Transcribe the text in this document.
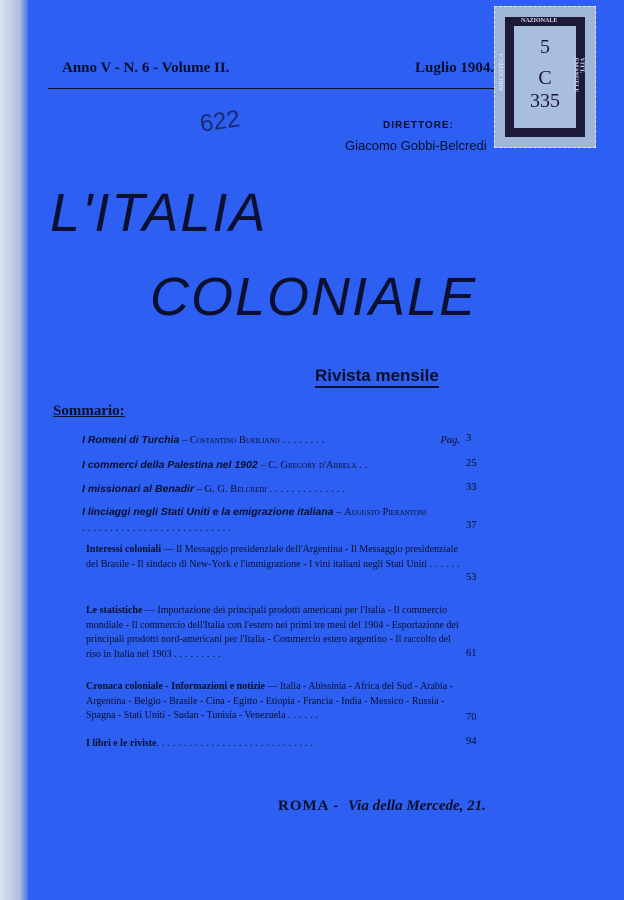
Anno V - N. 6 - Volume II.	Luglio 1904.
5
C
335
NAZIONALE
BIBLIOTECA	VITT. EMANUELE
622	DIRETTORE:
Giacomo Gobbi-Belcredi
L'ITALIA
COLONIALE
Rivista mensile
Sommario:
I Romeni di Turchia – Costantino Buriliano ........	Pag. 3
I commerci della Palestina nel 1902 – C. Gregory d'Arbela ..	25
I missionari al Benadir – G. G. Belcredi ..............	33
I linciaggi negli Stati Uniti e la emigrazione italiana – Augusto Pierantoni ...........................	37
Interessi coloniali — Il Messaggio presidenziale dell'Argentina - Il Messaggio presidenziale del Brasile - Il sindaco di New-York e l'immigrazione - I vini italiani negli Stati Uniti ......
53
Le statistiche — Importazione dei principali prodotti americani per l'Italia - Il commercio mondiale - Il commercio dell'Italia con l'estero nei primi tre mesi del 1904 - Esportazione dei principali prodotti nord-americani per l'Italia - Commercio estero argentino - Il raccolto del riso in Italia nel 1903 .........	61
Cronaca coloniale - Informazioni e notizie — Italia - Abissinia - Africa del Sud - Arabia - Argentina - Belgio - Brasile - Cina - Egitto - Etiopia - Francia - India - Messico - Russia - Spagna - Stati Uniti - Sudan - Tunisia - Venezuela ......	70
I libri e le riviste.............................	94
ROMA - Via della Mercede, 21.
